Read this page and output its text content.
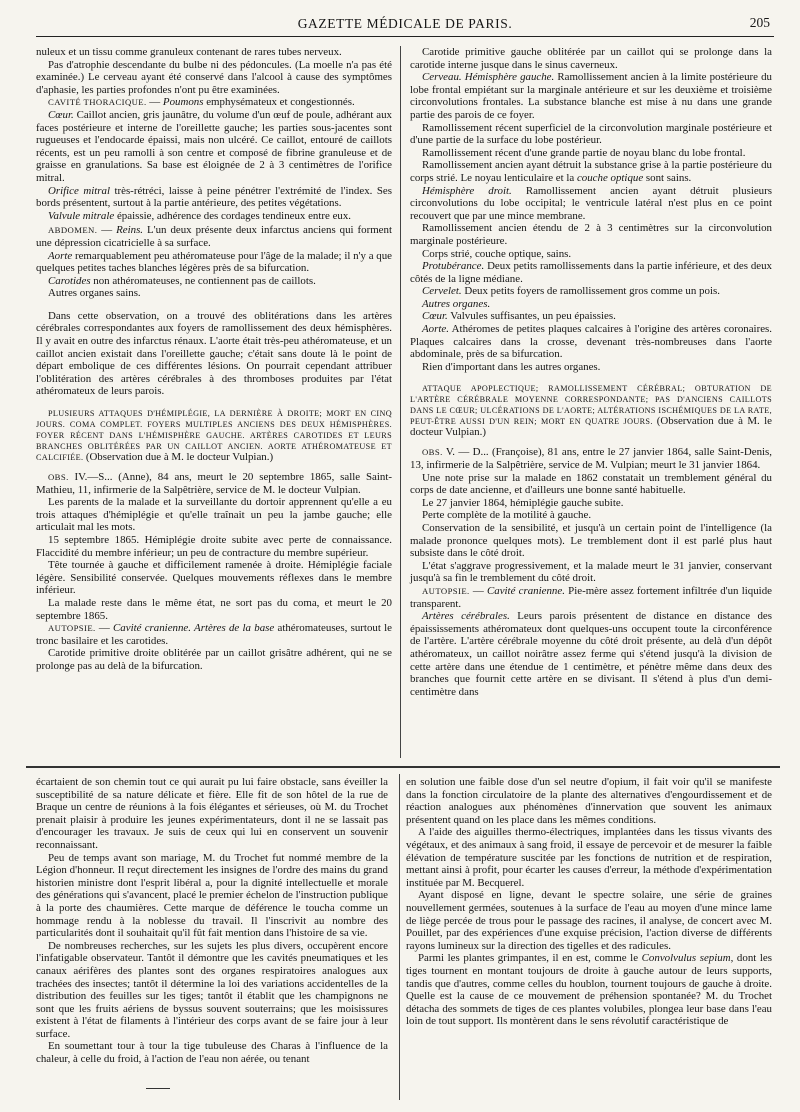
GAZETTE MÉDICALE DE PARIS.	205

nuleux et un tissu comme granuleux contenant de rares tubes nerveux.

Pas d'atrophie descendante du bulbe ni des pédoncules. (La moelle n'a pas été examinée.) Le cerveau ayant été conservé dans l'alcool à cause des symptômes d'aphasie, les parties profondes n'ont pu être examinées.

CAVITÉ THORACIQUE. — Poumons emphysémateux et congestionnés.

Cœur. Caillot ancien, gris jaunâtre, du volume d'un œuf de poule, adhérant aux faces postérieure et interne de l'oreillette gauche; les parties sous-jacentes sont rugueuses et l'endocarde épaissi, mais non ulcéré. Ce caillot, entouré de caillots récents, est un peu ramolli à son centre et composé de fibrine granuleuse et de graisse en granulations. Sa base est éloignée de 2 à 3 centimètres de l'orifice mitral.

Orifice mitral très-rétréci, laisse à peine pénétrer l'extrémité de l'index. Ses bords présentent, surtout à la partie antérieure, des petites végétations.

Valvule mitrale épaissie, adhérence des cordages tendineux entre eux.

ABDOMEN. — Reins. L'un deux présente deux infarctus anciens qui forment une dépression cicatricielle à sa surface.

Aorte remarquablement peu athéromateuse pour l'âge de la malade; il n'y a que quelques petites taches blanches légères près de sa bifurcation.

Carotides non athéromateuses, ne contiennent pas de caillots.

Autres organes sains.

Dans cette observation, on a trouvé des oblitérations dans les artères cérébrales correspondantes aux foyers de ramollissement des deux hémisphères. Il y avait en outre des infarctus rénaux. L'aorte était très-peu athéromateuse, et un caillot ancien existait dans l'oreillette gauche; c'était sans doute là le point de départ embolique de ces différentes lésions. On pourrait cependant attribuer l'oblitération des artères cérébrales à des thromboses produites par l'état athéromateux de leurs parois.

PLUSIEURS ATTAQUES D'HÉMIPLÉGIE, LA DERNIÈRE À DROITE; MORT EN CINQ JOURS. COMA COMPLET. FOYERS MULTIPLES ANCIENS DES DEUX HÉMISPHÈRES. FOYER RÉCENT DANS L'HÉMISPHÈRE GAUCHE. ARTÈRES CAROTIDES ET LEURS BRANCHES OBLITÉRÉES PAR UN CAILLOT ANCIEN. AORTE ATHÉROMATEUSE ET CALCIFIÉE. (Observation due à M. le docteur Vulpian.)

OBS. IV.—S... (Anne), 84 ans, meurt le 20 septembre 1865, salle Saint-Mathieu, 11, infirmerie de la Salpêtrière, service de M. le docteur Vulpian.

Les parents de la malade et la surveillante du dortoir apprennent qu'elle a eu trois attaques d'hémiplégie et qu'elle traînait un peu la jambe gauche; elle articulait mal les mots.

15 septembre 1865. Hémiplégie droite subite avec perte de connaissance. Flaccidité du membre inférieur; un peu de contracture du membre supérieur.

Tête tournée à gauche et difficilement ramenée à droite. Hémiplégie faciale légère. Sensibilité conservée. Quelques mouvements réflexes dans le membre inférieur.

La malade reste dans le même état, ne sort pas du coma, et meurt le 20 septembre 1865.

AUTOPSIE. — Cavité cranienne. Artères de la base athéromateuses, surtout le tronc basilaire et les carotides.

Carotide primitive droite oblitérée par un caillot grisâtre adhérent, qui ne se prolonge pas au delà de la bifurcation.

Carotide primitive gauche oblitérée par un caillot qui se prolonge dans la carotide interne jusque dans le sinus caverneux.

Cerveau. Hémisphère gauche. Ramollissement ancien à la limite postérieure du lobe frontal empiétant sur la marginale antérieure et sur les deuxième et troisième circonvolutions frontales. La substance blanche est mise à nu dans une grande partie des parois de ce foyer.

Ramollissement récent superficiel de la circonvolution marginale postérieure et d'une partie de la surface du lobe postérieur.

Ramollissement récent d'une grande partie de noyau blanc du lobe frontal.

Ramollissement ancien ayant détruit la substance grise à la partie postérieure du corps strié. Le noyau lenticulaire et la couche optique sont sains.

Hémisphère droit. Ramollissement ancien ayant détruit plusieurs circonvolutions du lobe occipital; le ventricule latéral n'est plus en ce point recouvert que par une mince membrane.

Ramollissement ancien étendu de 2 à 3 centimètres sur la circonvolution marginale postérieure.

Corps strié, couche optique, sains.

Protubérance. Deux petits ramollissements dans la partie inférieure, et des deux côtés de la ligne médiane.

Cervelet. Deux petits foyers de ramollissement gros comme un pois.

Autres organes.

Cœur. Valvules suffisantes, un peu épaissies.

Aorte. Athéromes de petites plaques calcaires à l'origine des artères coronaires. Plaques calcaires dans la crosse, devenant très-nombreuses dans l'aorte abdominale, près de sa bifurcation.

Rien d'important dans les autres organes.

ATTAQUE APOPLECTIQUE; RAMOLLISSEMENT CÉRÉBRAL; OBTURATION DE L'ARTÈRE CÉRÉBRALE MOYENNE CORRESPONDANTE; PAS D'ANCIENS CAILLOTS DANS LE CŒUR; ULCÉRATIONS DE L'AORTE; ALTÉRATIONS ISCHÉMIQUES DE LA RATE, PEUT-ÊTRE AUSSI D'UN REIN; MORT EN QUATRE JOURS. (Observation due à M. le docteur Vulpian.)

OBS. V. — D... (Françoise), 81 ans, entre le 27 janvier 1864, salle Saint-Denis, 13, infirmerie de la Salpêtrière, service de M. Vulpian; meurt le 31 janvier 1864.

Une note prise sur la malade en 1862 constatait un tremblement général du corps de date ancienne, et d'ailleurs une bonne santé habituelle.

Le 27 janvier 1864, hémiplégie gauche subite.

Perte complète de la motilité à gauche.

Conservation de la sensibilité, et jusqu'à un certain point de l'intelligence (la malade prononce quelques mots). Le tremblement dont il est parlé plus haut subsiste dans le côté droit.

L'état s'aggrave progressivement, et la malade meurt le 31 janvier, conservant jusqu'à sa fin le tremblement du côté droit.

AUTOPSIE. — Cavité cranienne. Pie-mère assez fortement infiltrée d'un liquide transparent.

Artères cérébrales. Leurs parois présentent de distance en distance des épaississements athéromateux dont quelques-uns occupent toute la circonférence de l'artère. L'artère cérébrale moyenne du côté droit présente, au delà d'un dépôt athéromateux, un caillot noirâtre assez ferme qui s'étend jusqu'à la division de cette artère dans une étendue de 1 centimètre, et pénètre même dans deux des branches que fournit cette artère en se divisant. Il s'étend à plus d'un demi-centimètre dans

écartaient de son chemin tout ce qui aurait pu lui faire obstacle, sans éveiller la susceptibilité de sa nature délicate et fière. Elle fit de son hôtel de la rue de Braque un centre de réunions à la fois élégantes et sérieuses, où M. du Trochet prenait plaisir à produire les jeunes expérimentateurs, dont il ne se lassait pas d'encourager les travaux. Je suis de ceux qui lui en conservent un souvenir reconnaissant.

Peu de temps avant son mariage, M. du Trochet fut nommé membre de la Légion d'honneur. Il reçut directement les insignes de l'ordre des mains du grand historien ministre dont l'esprit libéral a, pour la dignité intellectuelle et morale des générations qui s'avancent, placé le premier échelon de l'instruction publique à la porte des chaumières. Cette marque de déférence le toucha comme un hommage rendu à la noblesse du travail. Il l'inscrivit au nombre des particularités dont il souhaitait qu'il fût fait mention dans l'histoire de sa vie.

De nombreuses recherches, sur les sujets les plus divers, occupèrent encore l'infatigable observateur. Tantôt il démontre que les cavités pneumatiques et les canaux aérifères des plantes sont des organes respiratoires analogues aux trachées des insectes; tantôt il détermine la loi des variations accidentelles de la distribution des feuilles sur les tiges; tantôt il établit que les champignons ne sont que les fruits aériens de byssus souvent souterrains; que les moisissures existent à l'état de filaments à l'intérieur des corps avant de se faire jour à leur surface.

En soumettant tour à tour la tige tubuleuse des Charas à l'influence de la chaleur, à celle du froid, à l'action de l'eau non aérée, ou tenant

en solution une faible dose d'un sel neutre d'opium, il fait voir qu'il se manifeste dans la fonction circulatoire de la plante des alternatives d'engourdissement et de réaction analogues aux phénomènes d'innervation que souvent les animaux présentent quand on les place dans les mêmes conditions.

A l'aide des aiguilles thermo-électriques, implantées dans les tissus vivants des végétaux, et des animaux à sang froid, il essaye de percevoir et de mesurer la faible élévation de température suscitée par les fonctions de nutrition et de respiration, mettant ainsi à profit, pour écarter les causes d'erreur, la méthode d'expérimentation instituée par M. Becquerel.

Ayant disposé en ligne, devant le spectre solaire, une série de graines nouvellement germées, soutenues à la surface de l'eau au moyen d'une mince lame de liège percée de trous pour le passage des racines, il analyse, de concert avec M. Pouillet, par des expériences d'une exquise précision, l'action diverse de différents rayons lumineux sur la direction des tigelles et des radicules.

Parmi les plantes grimpantes, il en est, comme le Convolvulus sepium, dont les tiges tournent en montant toujours de droite à gauche autour de leurs supports, tandis que d'autres, comme celles du houblon, tournent toujours de gauche à droite. Quelle est la cause de ce mouvement de préhension spontanée? M. du Trochet détacha des sommets de tiges de ces plantes volubiles, plongea leur base dans l'eau loin de tout support. Ils montèrent dans le sens révolutif caractéristique de
